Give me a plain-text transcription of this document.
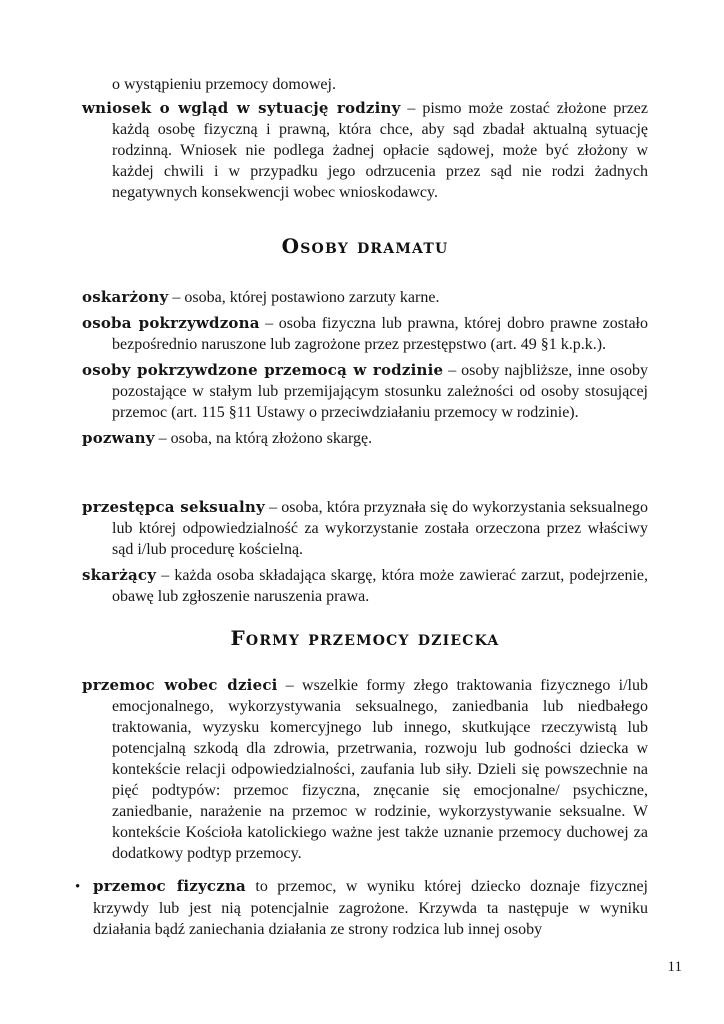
o wystąpieniu przemocy domowej.

wniosek o wgląd w sytuację rodziny – pismo może zostać złożone przez każdą osobę fizyczną i prawną, która chce, aby sąd zbadał aktualną sytuację rodzinną. Wniosek nie podlega żadnej opłacie sądowej, może być złożony w każdej chwili i w przypadku jego odrzucenia przez sąd nie rodzi żadnych negatywnych konsekwencji wobec wnioskodawcy.

Osoby dramatu

oskarżony – osoba, której postawiono zarzuty karne.

osoba pokrzywdzona – osoba fizyczna lub prawna, której dobro prawne zostało bezpośrednio naruszone lub zagrożone przez przestępstwo (art. 49 §1 k.p.k.).

osoby pokrzywdzone przemocą w rodzinie – osoby najbliższe, inne osoby pozostające w stałym lub przemijającym stosunku zależności od osoby stosującej przemoc (art. 115 §11 Ustawy o przeciwdziałaniu przemocy w rodzinie).

pozwany – osoba, na którą złożono skargę.

przestępca seksualny – osoba, która przyznała się do wykorzystania seksualnego lub której odpowiedzialność za wykorzystanie została orzeczona przez właściwy sąd i/lub procedurę kościelną.

skarżący – każda osoba składająca skargę, która może zawierać zarzut, podejrzenie, obawę lub zgłoszenie naruszenia prawa.

Formy przemocy dziecka

przemoc wobec dzieci – wszelkie formy złego traktowania fizycznego i/lub emocjonalnego, wykorzystywania seksualnego, zaniedbania lub niedbałego traktowania, wyzysku komercyjnego lub innego, skutkujące rzeczywistą lub potencjalną szkodą dla zdrowia, przetrwania, rozwoju lub godności dziecka w kontekście relacji odpowiedzialności, zaufania lub siły. Dzieli się powszechnie na pięć podtypów: przemoc fizyczna, znęcanie się emocjonalne/ psychiczne, zaniedbanie, narażenie na przemoc w rodzinie, wykorzystywanie seksualne. W kontekście Kościoła katolickiego ważne jest także uznanie przemocy duchowej za dodatkowy podtyp przemocy.

• przemoc fizyczna to przemoc, w wyniku której dziecko doznaje fizycznej krzywdy lub jest nią potencjalnie zagrożone. Krzywda ta następuje w wyniku działania bądź zaniechania działania ze strony rodzica lub innej osoby

11
